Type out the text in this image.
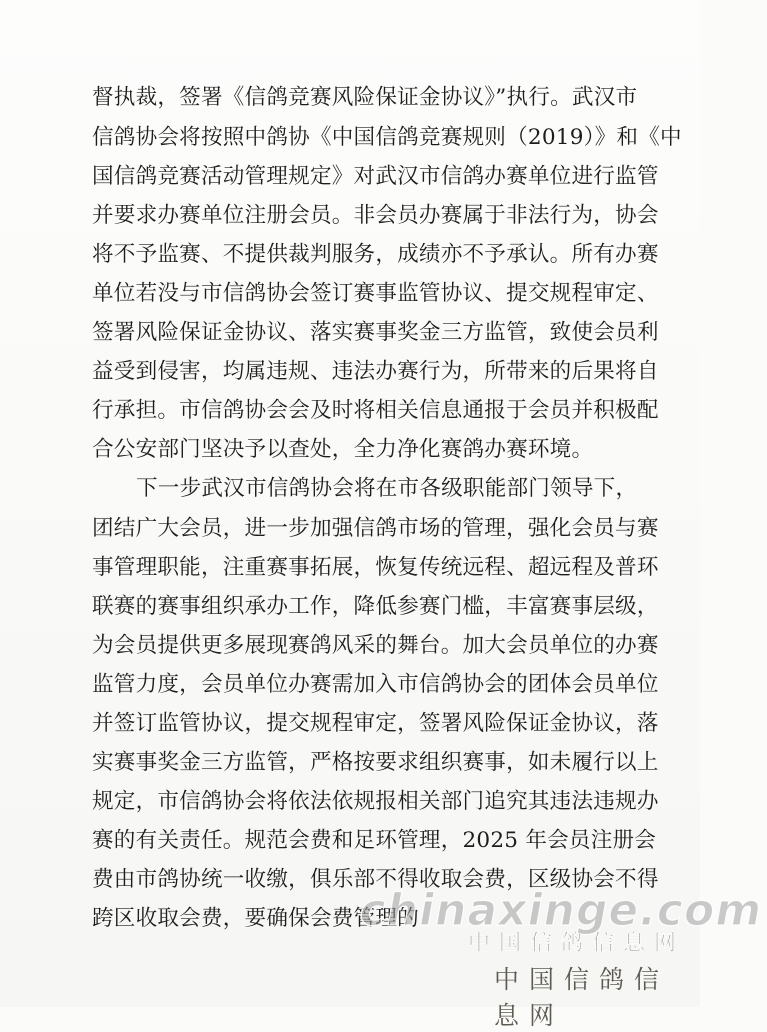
督执裁，签署《信鸽竞赛风险保证金协议》”执行。武汉市
信鸽协会将按照中鸽协《中国信鸽竞赛规则（2019）》和《中
国信鸽竞赛活动管理规定》对武汉市信鸽办赛单位进行监管
并要求办赛单位注册会员。非会员办赛属于非法行为，协会
将不予监赛、不提供裁判服务，成绩亦不予承认。所有办赛
单位若没与市信鸽协会签订赛事监管协议、提交规程审定、
签署风险保证金协议、落实赛事奖金三方监管，致使会员利
益受到侵害，均属违规、违法办赛行为，所带来的后果将自
行承担。市信鸽协会会及时将相关信息通报于会员并积极配
合公安部门坚决予以查处，全力净化赛鸽办赛环境。
下一步武汉市信鸽协会将在市各级职能部门领导下，
团结广大会员，进一步加强信鸽市场的管理，强化会员与赛
事管理职能，注重赛事拓展，恢复传统远程、超远程及普环
联赛的赛事组织承办工作，降低参赛门槛，丰富赛事层级，
为会员提供更多展现赛鸽风采的舞台。加大会员单位的办赛
监管力度，会员单位办赛需加入市信鸽协会的团体会员单位
并签订监管协议，提交规程审定，签署风险保证金协议，落
实赛事奖金三方监管，严格按要求组织赛事，如未履行以上
规定，市信鸽协会将依法依规报相关部门追究其违法违规办
赛的有关责任。规范会费和足环管理，2025 年会员注册会
费由市鸽协统一收缴，俱乐部不得收取会费，区级协会不得
跨区收取会费，要确保会费管理的
chinaxinge.com
中国信鸽信息网
中国信鸽信息网
